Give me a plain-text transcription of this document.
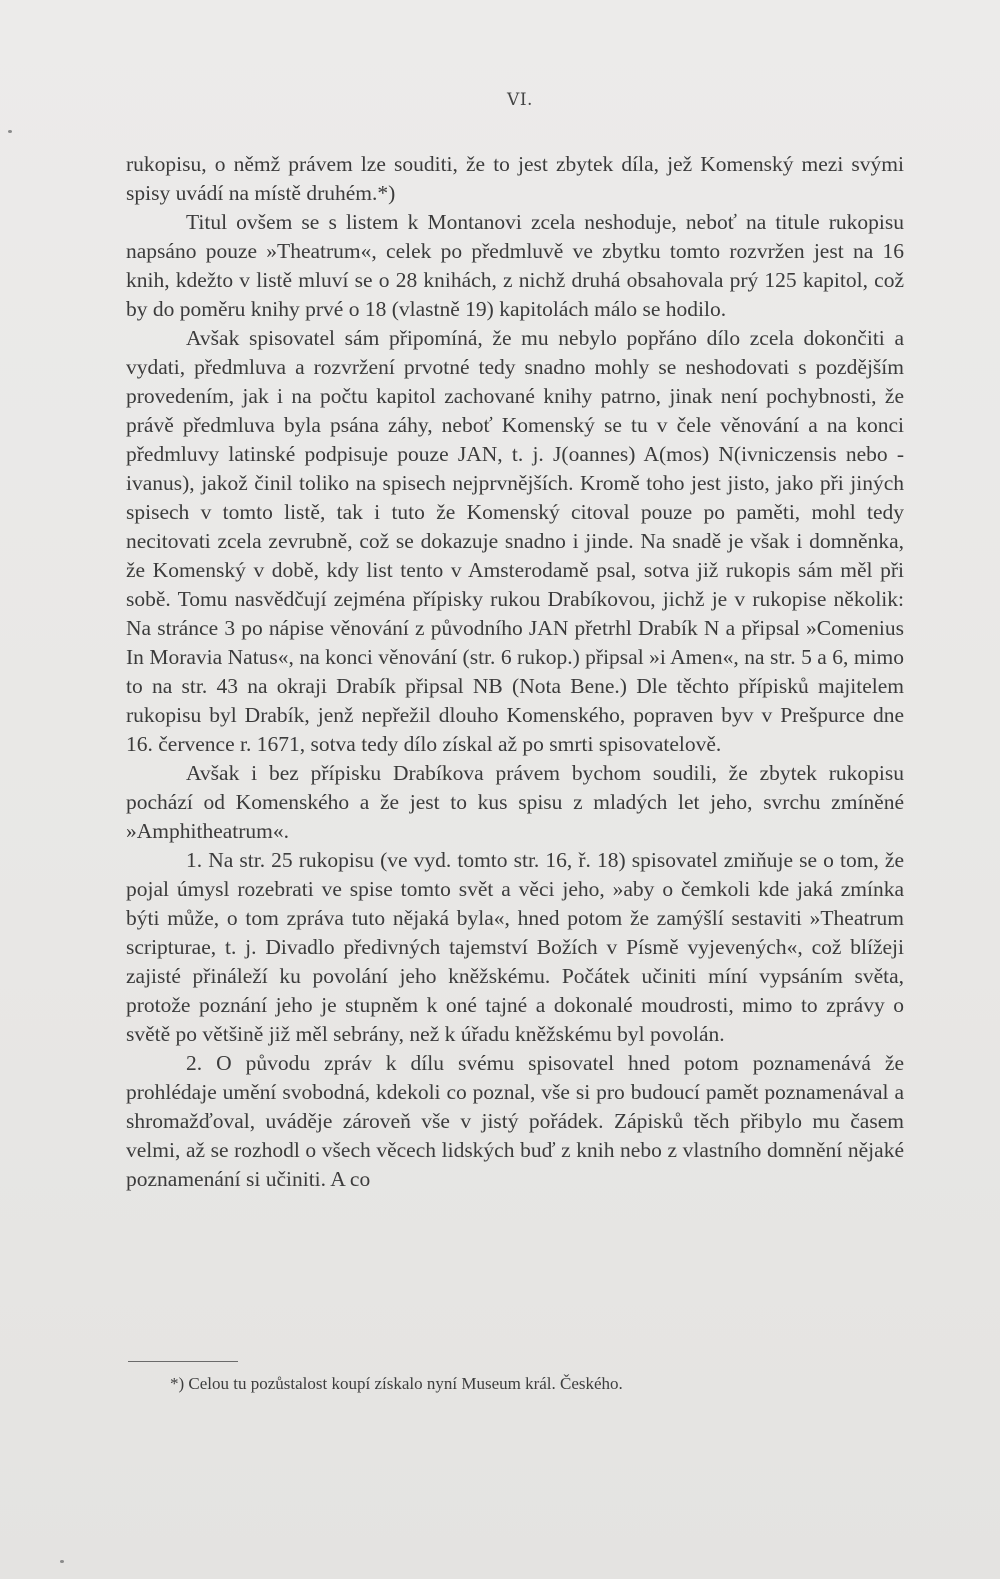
VI.

rukopisu, o němž právem lze souditi, že to jest zbytek díla, jež Komenský mezi svými spisy uvádí na místě druhém.*)

Titul ovšem se s listem k Montanovi zcela neshoduje, neboť na titule rukopisu napsáno pouze »Theatrum«, celek po předmluvě ve zbytku tomto rozvržen jest na 16 knih, kdežto v listě mluví se o 28 knihách, z nichž druhá obsahovala prý 125 kapitol, což by do poměru knihy prvé o 18 (vlastně 19) kapitolách málo se hodilo.

Avšak spisovatel sám připomíná, že mu nebylo popřáno dílo zcela dokončiti a vydati, předmluva a rozvržení prvotné tedy snadno mohly se neshodovati s pozdějším provedením, jak i na počtu kapitol zachované knihy patrno, jinak není pochybnosti, že právě předmluva byla psána záhy, neboť Komenský se tu v čele věnování a na konci předmluvy latinské podpisuje pouze JAN, t. j. J(oannes) A(mos) N(ivniczensis nebo -ivanus), jakož činil toliko na spisech nejprvnějších. Kromě toho jest jisto, jako při jiných spisech v tomto listě, tak i tuto že Komenský citoval pouze po paměti, mohl tedy necitovati zcela zevrubně, což se dokazuje snadno i jinde. Na snadě je však i domněnka, že Komenský v době, kdy list tento v Amsterodamě psal, sotva již rukopis sám měl při sobě. Tomu nasvědčují zejména přípisky rukou Drabíkovou, jichž je v rukopise několik: Na stránce 3 po nápise věnování z původního JAN přetrhl Drabík N a připsal »Comenius In Moravia Natus«, na konci věnování (str. 6 rukop.) připsal »i Amen«, na str. 5 a 6, mimo to na str. 43 na okraji Drabík připsal NB (Nota Bene.) Dle těchto přípisků majitelem rukopisu byl Drabík, jenž nepřežil dlouho Komenského, popraven byv v Prešpurce dne 16. července r. 1671, sotva tedy dílo získal až po smrti spisovatelově.

Avšak i bez přípisku Drabíkova právem bychom soudili, že zbytek rukopisu pochází od Komenského a že jest to kus spisu z mladých let jeho, svrchu zmíněné »Amphitheatrum«.

1. Na str. 25 rukopisu (ve vyd. tomto str. 16, ř. 18) spisovatel zmiňuje se o tom, že pojal úmysl rozebrati ve spise tomto svět a věci jeho, »aby o čemkoli kde jaká zmínka býti může, o tom zpráva tuto nějaká byla«, hned potom že zamýšlí sestaviti »Theatrum scripturae, t. j. Divadlo předivných tajemství Božích v Písmě vyjevených«, což blížeji zajisté přináleží ku povolání jeho kněžskému. Počátek učiniti míní vypsáním světa, protože poznání jeho je stupněm k oné tajné a dokonalé moudrosti, mimo to zprávy o světě po většině již měl sebrány, než k úřadu kněžskému byl povolán.

2. O původu zpráv k dílu svému spisovatel hned potom poznamenává že prohlédaje umění svobodná, kdekoli co poznal, vše si pro budoucí pamět poznamenával a shromažďoval, uváděje zároveň vše v jistý pořádek. Zápisků těch přibylo mu časem velmi, až se rozhodl o všech věcech lidských buď z knih nebo z vlastního domnění nějaké poznamenání si učiniti. A co

*) Celou tu pozůstalost koupí získalo nyní Museum král. Českého.
